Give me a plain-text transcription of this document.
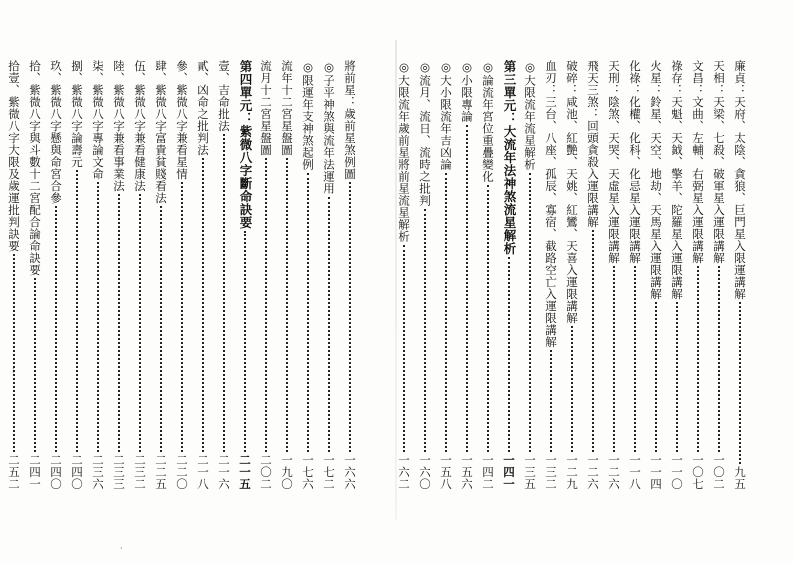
⁝
·
廉貞：天府、太陰、貪狼、巨門星入限運講解
九五
天相：天梁、七殺、破軍星入運限講解
一〇二
文昌：文曲、左輔、右弼星入運限講解
一〇七
祿存：天魁、天鉞、擎羊、陀羅星入運限講解
一一〇
火星：鈴星、天空、地劫、天馬星入運限講解
一一四
化祿：化權、化科、化忌星入運限講解
一一八
天刑：陰煞、天哭、天虛星入運限講解
一二六
飛天三煞：回頭貪殺入運限講解
一二六
破碎：咸池、紅艷、天姚、紅鸞、天喜入運限講解
一二九
血刃：三台、八座、孤辰、寡宿、截路空亡入運限講解
一三二
◎大限流年流星解析
一三五
第三單元：大流年法神煞流星解析
一四一
◎論流年宮位重疊變化
一四二
◎小限專論
一五六
◎大小限流年吉凶論
一五八
◎流月、流日、流時之批判
一六〇
◎大限流年歲前星將前星流星解析
一六二
將前星：歲前星煞例圖
一六六
◎子平神煞與流年法運用
一七二
◎限運年支神煞起例
一七六
流年十二宮星盤圖
一九〇
流月十二宮星盤圖
二〇二
第四單元：紫微八字斷命訣要
二一五
壹、吉命批法
二一六
貳、凶命之批判法
二一八
參、紫微八字兼看星情
二二〇
肆、紫微八字富貴貧賤看法
二二五
伍、紫微八字兼看健康法
二三二
陸、紫微八字兼看事業法
二三三
柒、紫微八字專論文命
二三六
捌、紫微八字論壽元
二四〇
玖、紫微八字懸與命宮合參
二四〇
拾、紫微八字與斗數十二宮配合論命訣要
二四一
拾壹、紫微八字大限及歲運批判訣要
二五二
